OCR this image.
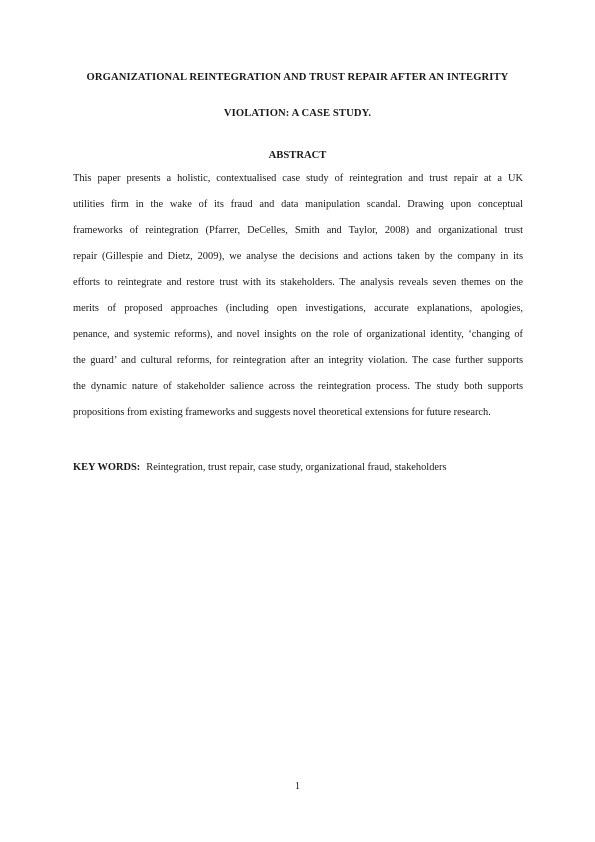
ORGANIZATIONAL REINTEGRATION AND TRUST REPAIR AFTER AN INTEGRITY
VIOLATION: A CASE STUDY.
ABSTRACT
This paper presents a holistic, contextualised case study of reintegration and trust repair at a UK
utilities firm in the wake of its fraud and data manipulation scandal. Drawing upon conceptual
frameworks of reintegration (Pfarrer, DeCelles, Smith and Taylor, 2008) and organizational trust
repair (Gillespie and Dietz, 2009), we analyse the decisions and actions taken by the company in its
efforts to reintegrate and restore trust with its stakeholders. The analysis reveals seven themes on the
merits of proposed approaches (including open investigations, accurate explanations, apologies,
penance, and systemic reforms), and novel insights on the role of organizational identity, ‘changing of
the guard’ and cultural reforms, for reintegration after an integrity violation. The case further supports
the dynamic nature of stakeholder salience across the reintegration process. The study both supports
propositions from existing frameworks and suggests novel theoretical extensions for future research.
KEY WORDS: Reintegration, trust repair, case study, organizational fraud, stakeholders
1
